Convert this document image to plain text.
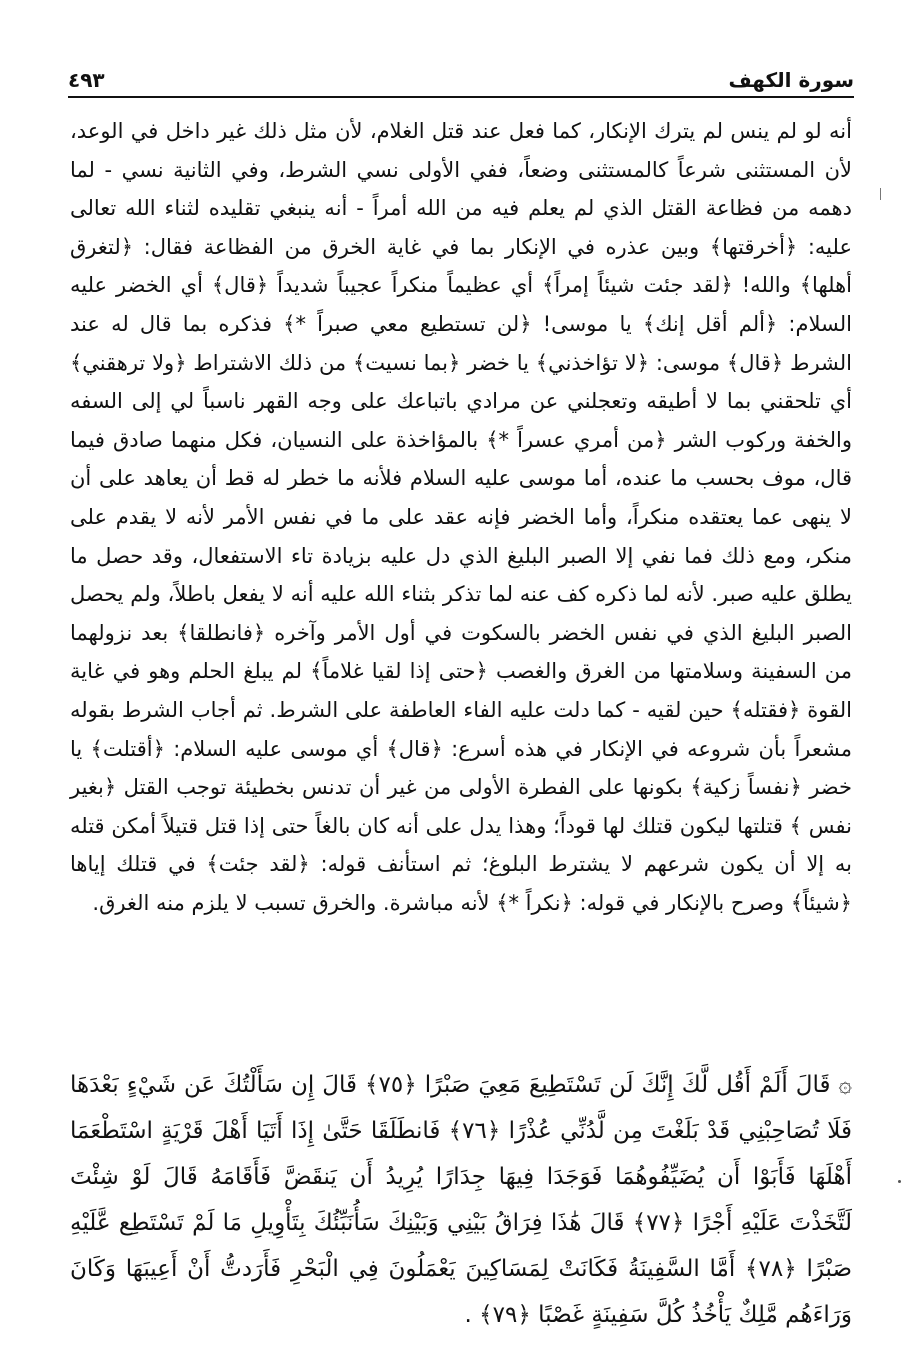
سورة الكهف
٤٩٣

أنه لو لم ينس لم يترك الإنكار، كما فعل عند قتل الغلام، لأن مثل ذلك غير داخل في الوعد، لأن المستثنى شرعاً كالمستثنى وضعاً، ففي الأولى نسي الشرط، وفي الثانية نسي - لما دهمه من فظاعة القتل الذي لم يعلم فيه من الله أمراً - أنه ينبغي تقليده لثناء الله تعالى عليه: ﴿أخرقتها﴾ وبين عذره في الإنكار بما في غاية الخرق من الفظاعة فقال: ﴿لتغرق أهلها﴾ والله! ﴿لقد جئت شيئاً إمراً﴾ أي عظيماً منكراً عجيباً شديداً ﴿قال﴾ أي الخضر عليه السلام: ﴿ألم أقل إنك﴾ يا موسى! ﴿لن تستطيع معي صبراً *﴾ فذكره بما قال له عند الشرط ﴿قال﴾ موسى: ﴿لا تؤاخذني﴾ يا خضر ﴿بما نسيت﴾ من ذلك الاشتراط ﴿ولا ترهقني﴾ أي تلحقني بما لا أطيقه وتعجلني عن مرادي باتباعك على وجه القهر ناسباً لي إلى السفه والخفة وركوب الشر ﴿من أمري عسراً *﴾ بالمؤاخذة على النسيان، فكل منهما صادق فيما قال، موف بحسب ما عنده، أما موسى عليه السلام فلأنه ما خطر له قط أن يعاهد على أن لا ينهى عما يعتقده منكراً، وأما الخضر فإنه عقد على ما في نفس الأمر لأنه لا يقدم على منكر، ومع ذلك فما نفي إلا الصبر البليغ الذي دل عليه بزيادة تاء الاستفعال، وقد حصل ما يطلق عليه صبر. لأنه لما ذكره كف عنه لما تذكر بثناء الله عليه أنه لا يفعل باطلاً، ولم يحصل الصبر البليغ الذي في نفس الخضر بالسكوت في أول الأمر وآخره ﴿فانطلقا﴾ بعد نزولهما من السفينة وسلامتها من الغرق والغصب ﴿حتى إذا لقيا غلاماً﴾ لم يبلغ الحلم وهو في غاية القوة ﴿فقتله﴾ حين لقيه - كما دلت عليه الفاء العاطفة على الشرط. ثم أجاب الشرط بقوله مشعراً بأن شروعه في الإنكار في هذه أسرع: ﴿قال﴾ أي موسى عليه السلام: ﴿أقتلت﴾ يا خضر ﴿نفساً زكية﴾ بكونها على الفطرة الأولى من غير أن تدنس بخطيئة توجب القتل ﴿بغير نفس ﴾ قتلتها ليكون قتلك لها قوداً؛ وهذا يدل على أنه كان بالغاً حتى إذا قتل قتيلاً أمكن قتله به إلا أن يكون شرعهم لا يشترط البلوغ؛ ثم استأنف قوله: ﴿لقد جئت﴾ في قتلك إياها ﴿شيئاً﴾ وصرح بالإنكار في قوله: ﴿نكراً *﴾ لأنه مباشرة. والخرق تسبب لا يلزم منه الغرق.

۞ قَالَ أَلَمْ أَقُل لَّكَ إِنَّكَ لَن تَسْتَطِيعَ مَعِيَ صَبْرًا ﴿٧٥﴾ قَالَ إِن سَأَلْتُكَ عَن شَيْءٍ بَعْدَهَا فَلَا تُصَاحِبْنِي قَدْ بَلَغْتَ مِن لَّدُنِّي عُذْرًا ﴿٧٦﴾ فَانطَلَقَا حَتَّىٰ إِذَا أَتَيَا أَهْلَ قَرْيَةٍ اسْتَطْعَمَا أَهْلَهَا فَأَبَوْا أَن يُضَيِّفُوهُمَا فَوَجَدَا فِيهَا جِدَارًا يُرِيدُ أَن يَنقَضَّ فَأَقَامَهُ قَالَ لَوْ شِئْتَ لَتَّخَذْتَ عَلَيْهِ أَجْرًا ﴿٧٧﴾ قَالَ هَٰذَا فِرَاقُ بَيْنِي وَبَيْنِكَ سَأُنَبِّئُكَ بِتَأْوِيلِ مَا لَمْ تَسْتَطِع عَّلَيْهِ صَبْرًا ﴿٧٨﴾ أَمَّا السَّفِينَةُ فَكَانَتْ لِمَسَاكِينَ يَعْمَلُونَ فِي الْبَحْرِ فَأَرَدتُّ أَنْ أَعِيبَهَا وَكَانَ وَرَاءَهُم مَّلِكٌ يَأْخُذُ كُلَّ سَفِينَةٍ غَصْبًا ﴿٧٩﴾ .
